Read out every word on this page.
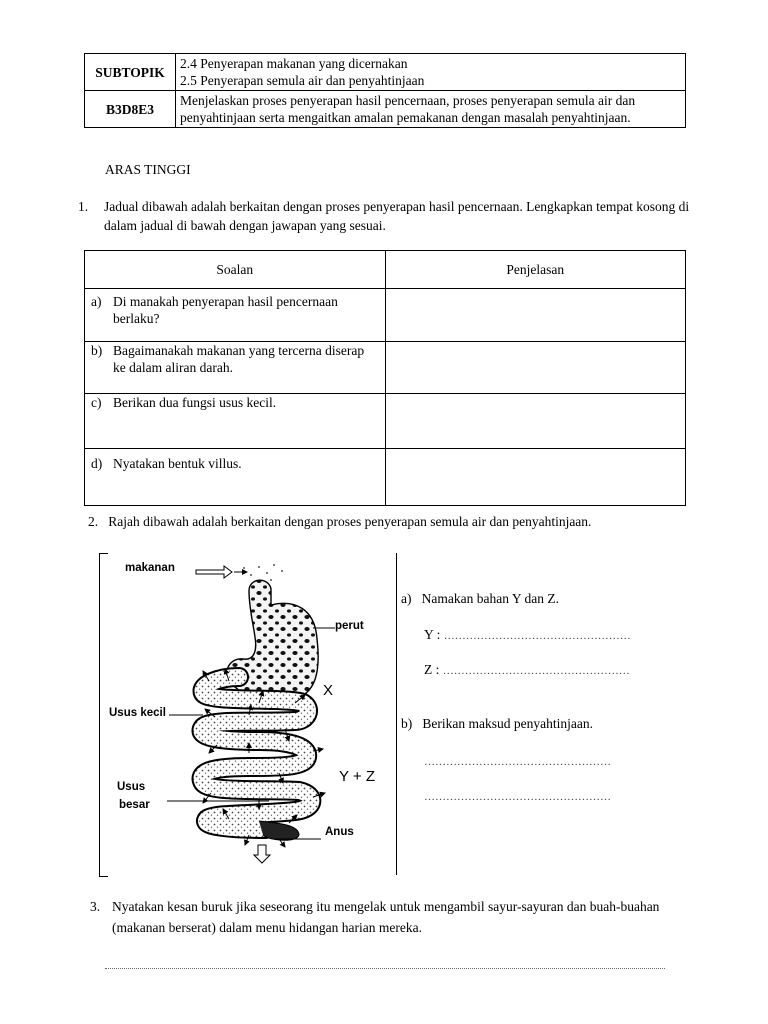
SUBTOPIK	2.4 Penyerapan makanan yang dicernakan
2.5 Penyerapan semula air dan penyahtinjaan

B3D8E3	Menjelaskan proses penyerapan hasil pencernaan, proses penyerapan semula air dan penyahtinjaan serta mengaitkan amalan pemakanan dengan masalah penyahtinjaan.
ARAS TINGGI
1.	Jadual dibawah adalah berkaitan dengan proses penyerapan hasil pencernaan. Lengkapkan tempat kosong di dalam jadual di bawah dengan jawapan yang sesuai.
Soalan	Penjelasan

a) Di manakah penyerapan hasil pencernaan berlaku?	

b) Bagaimanakah makanan yang tercerna diserap ke dalam aliran darah.	

c) Berikan dua fungsi usus kecil.	

d) Nyatakan bentuk villus.	

2. Rajah dibawah adalah berkaitan dengan proses penyerapan semula air dan penyahtinjaan.
makanan
perut
X
Usus kecil
Usus
besar
Y + Z
Anus
a) Namakan bahan Y dan Z.
Y : ……………………………………………
Z : ……………………………………………
b) Berikan maksud penyahtinjaan.
……………………………………………
……………………………………………
3. Nyatakan kesan buruk jika seseorang itu mengelak untuk mengambil sayur-sayuran dan buah-buahan (makanan berserat) dalam menu hidangan harian mereka.
